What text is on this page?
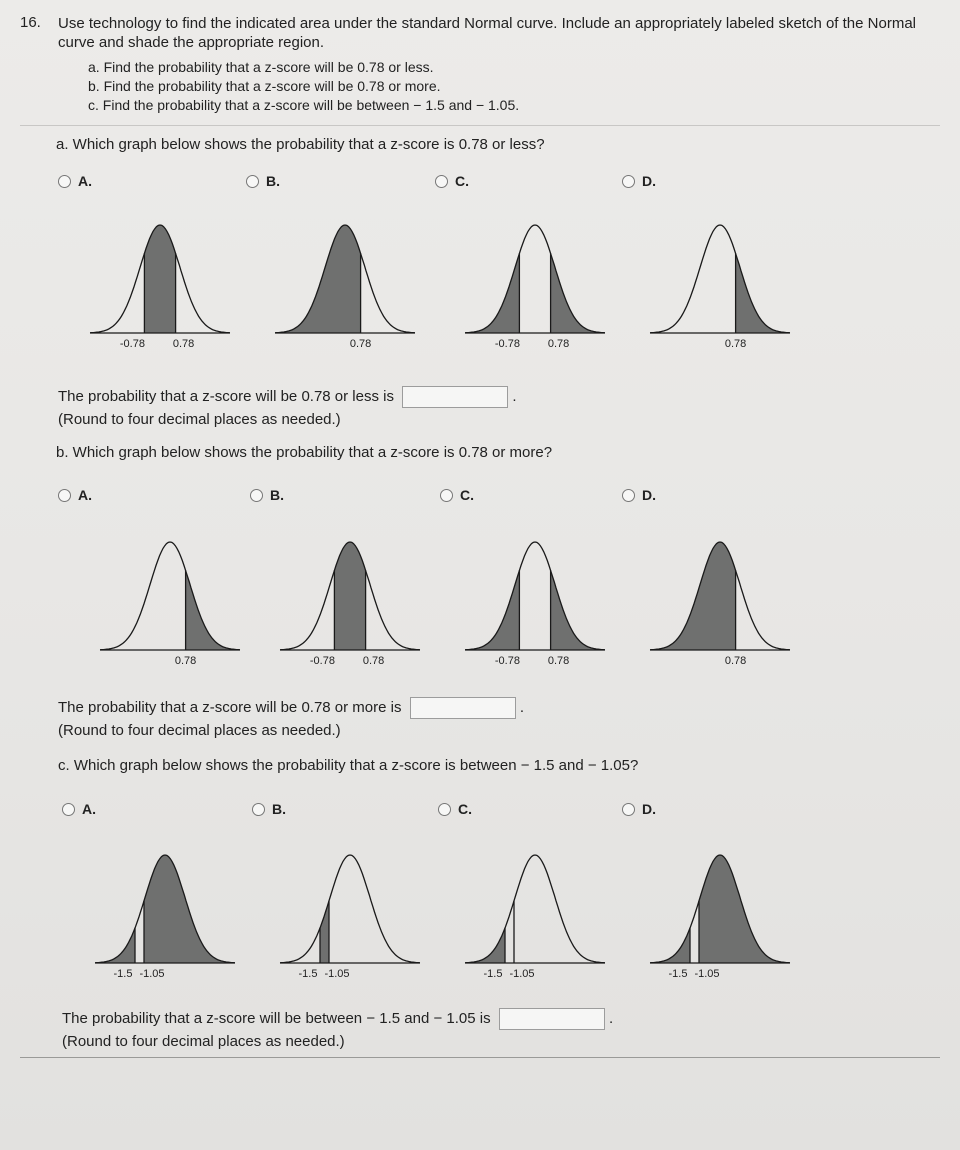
16. Use technology to find the indicated area under the standard Normal curve. Include an appropriately labeled sketch of the Normal curve and shade the appropriate region.
a. Find the probability that a z-score will be 0.78 or less.
b. Find the probability that a z-score will be 0.78 or more.
c. Find the probability that a z-score will be between − 1.5 and − 1.05.
a. Which graph below shows the probability that a z-score is 0.78 or less?
A.	B.	C.	D.
-0.78	0.78	0.78	-0.78	0.78	0.78
The probability that a z-score will be 0.78 or less is	.
(Round to four decimal places as needed.)
b. Which graph below shows the probability that a z-score is 0.78 or more?
A.	B.	C.	D.
0.78	-0.78	0.78	-0.78	0.78	0.78
The probability that a z-score will be 0.78 or more is	.
(Round to four decimal places as needed.)
c. Which graph below shows the probability that a z-score is between − 1.5 and − 1.05?
A.	B.	C.	D.
-1.5 -1.05	-1.5 -1.05	-1.5 -1.05	-1.5 -1.05
The probability that a z-score will be between − 1.5 and − 1.05 is	.
(Round to four decimal places as needed.)
